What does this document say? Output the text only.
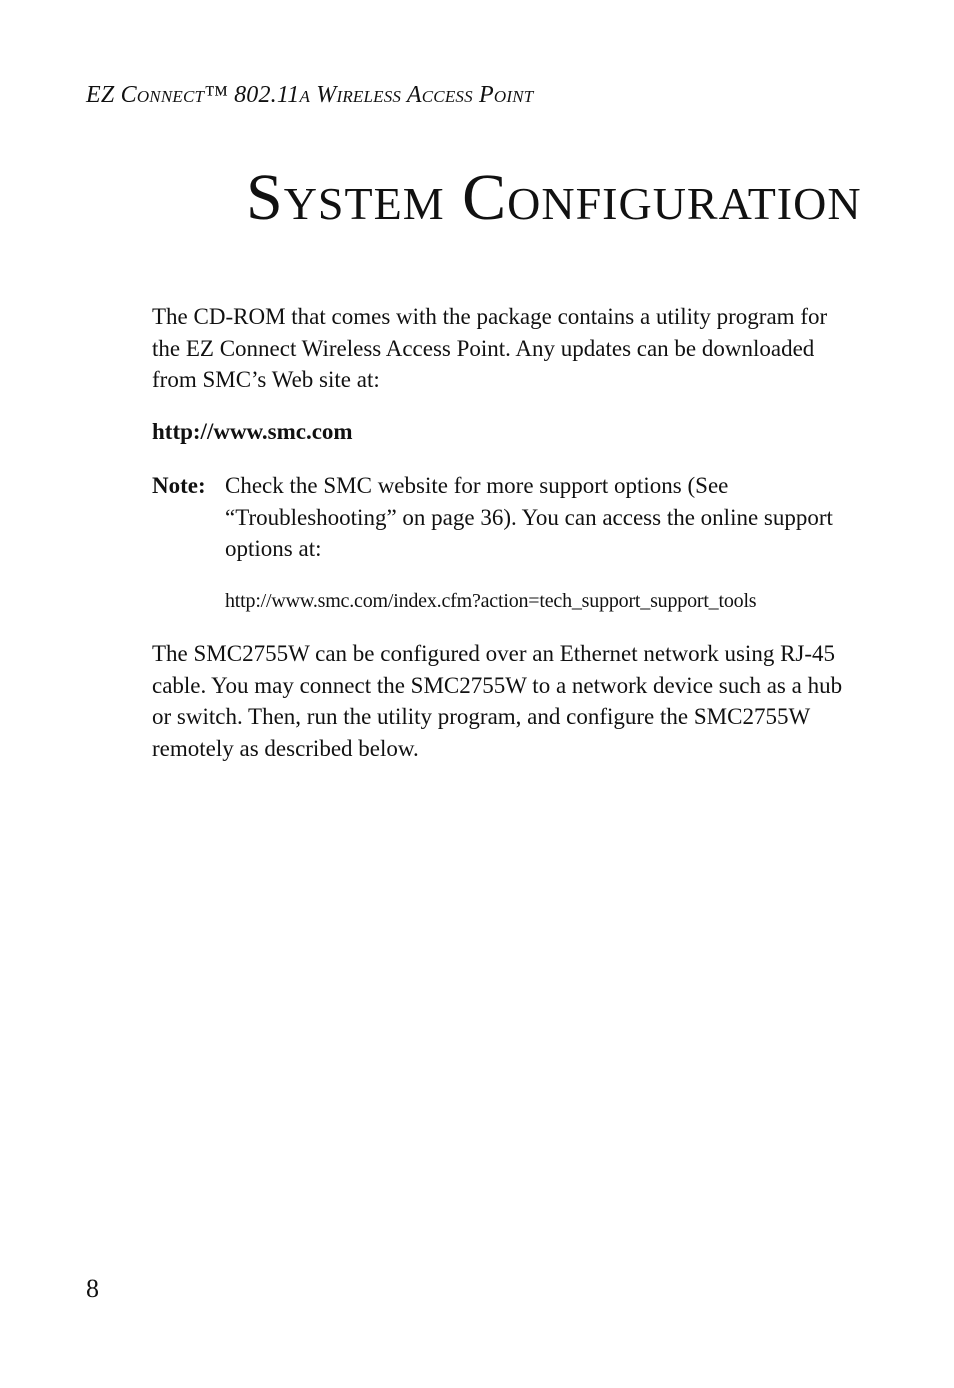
EZ Connect™ 802.11a Wireless Access Point
System Configuration

The CD-ROM that comes with the package contains a utility program for the EZ Connect Wireless Access Point. Any updates can be downloaded from SMC’s Web site at:

http://www.smc.com

Note: Check the SMC website for more support options (See “Troubleshooting” on page 36). You can access the online support options at:

http://www.smc.com/index.cfm?action=tech_support_support_tools

The SMC2755W can be configured over an Ethernet network using RJ-45 cable. You may connect the SMC2755W to a network device such as a hub or switch. Then, run the utility program, and configure the SMC2755W remotely as described below.

8
